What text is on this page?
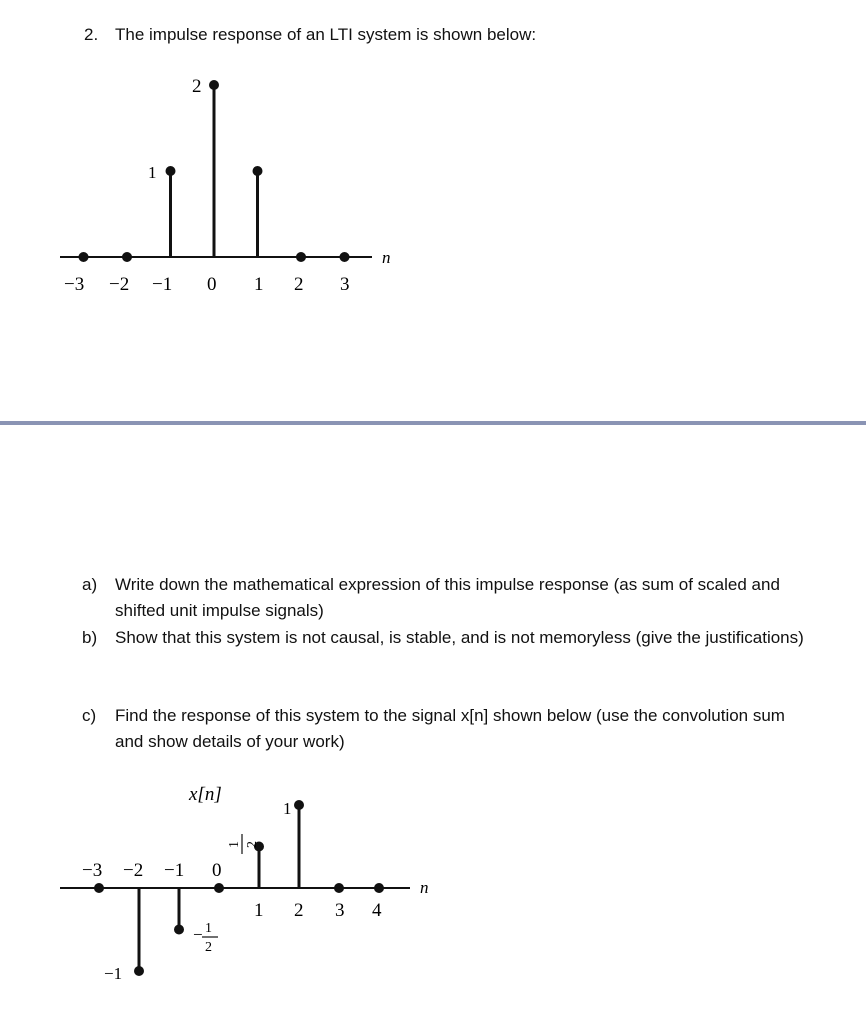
2. The impulse response of an LTI system is shown below:
n
2
1
−3 −2 −1 0 1 2 3
x[n]
n
−3 −2 −1 0
1 2 3 4
1
−1
1 2
− 1
2
a) Write down the mathematical expression of this impulse response (as sum of scaled and
shifted unit impulse signals)
b) Show that this system is not causal, is stable, and is not memoryless (give the justifications)
c) Find the response of this system to the signal x[n] shown below (use the convolution sum
and show details of your work)
